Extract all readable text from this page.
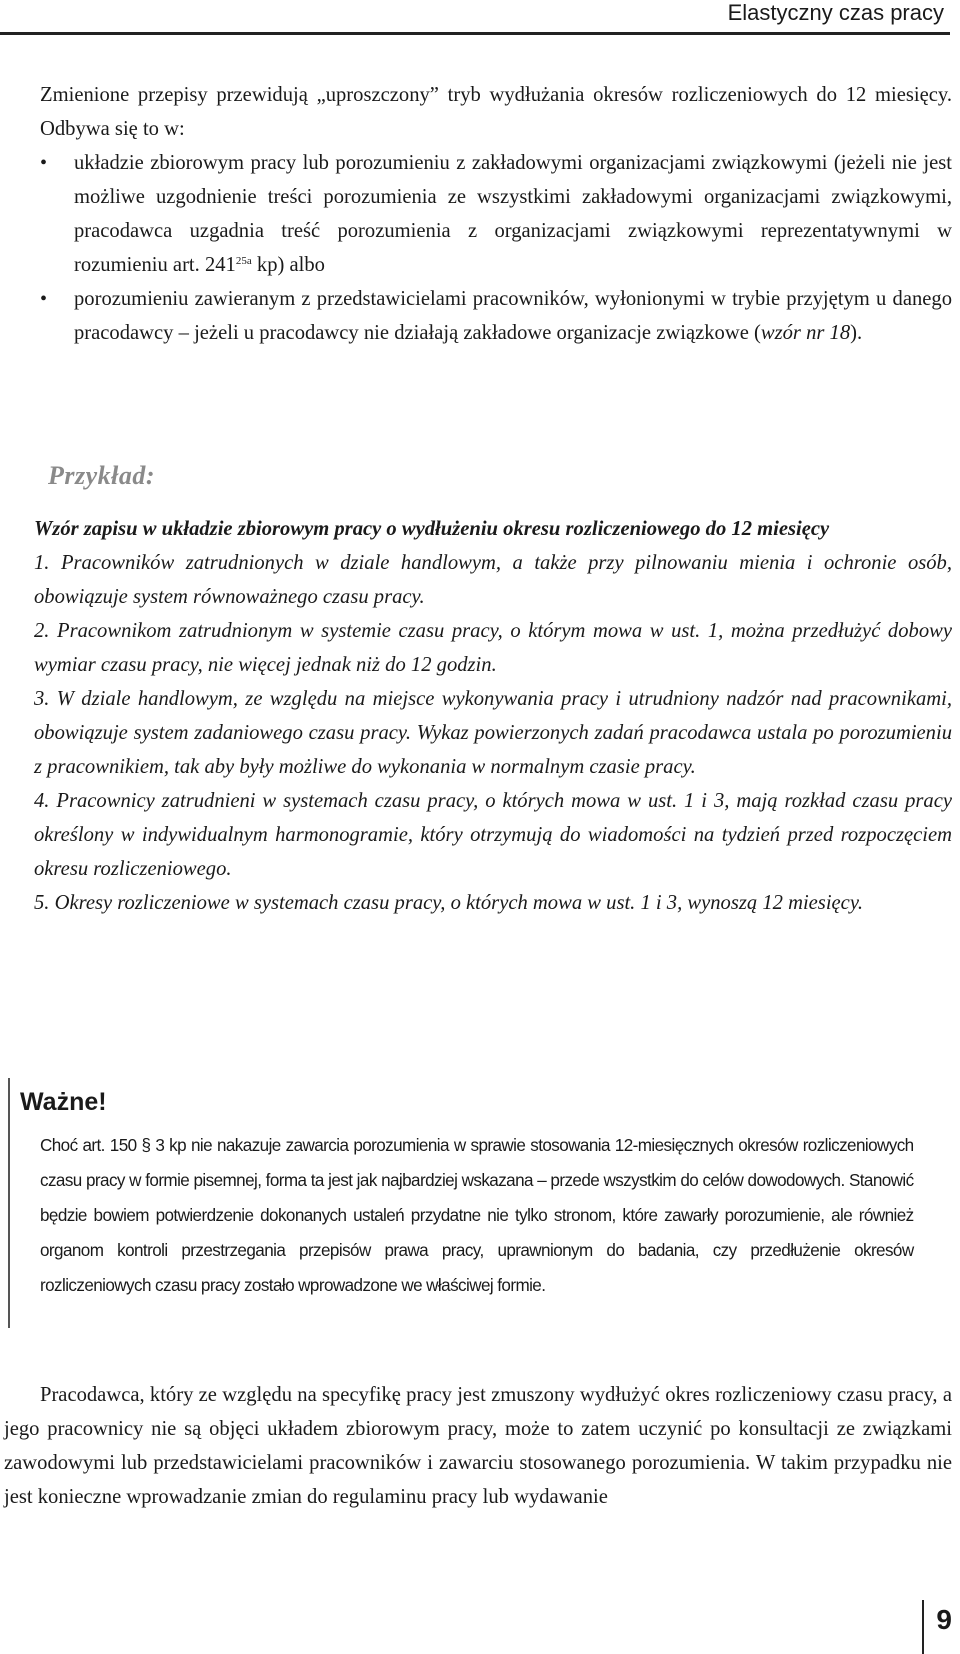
Elastyczny czas pracy
Zmienione przepisy przewidują „uproszczony” tryb wydłużania okresów rozliczeniowych do 12 miesięcy. Odbywa się to w:
• układzie zbiorowym pracy lub porozumieniu z zakładowymi organizacjami związkowymi (jeżeli nie jest możliwe uzgodnienie treści porozumienia ze wszystkimi zakładowymi organizacjami związkowymi, pracodawca uzgadnia treść porozumienia z organizacjami związkowymi reprezentatywnymi w rozumieniu art. $241^{25a}$ kp) albo
• porozumieniu zawieranym z przedstawicielami pracowników, wyłonionymi w trybie przyjętym u danego pracodawcy – jeżeli u pracodawcy nie działają zakładowe organizacje związkowe (wzór nr 18).
Przykład:

Wzór zapisu w układzie zbiorowym pracy o wydłużeniu okresu rozliczeniowego do 12 miesięcy

1. Pracowników zatrudnionych w dziale handlowym, a także przy pilnowaniu mienia i ochronie osób, obowiązuje system równoważnego czasu pracy.

2. Pracownikom zatrudnionym w systemie czasu pracy, o którym mowa w ust. 1, można przedłużyć dobowy wymiar czasu pracy, nie więcej jednak niż do 12 godzin.

3. W dziale handlowym, ze względu na miejsce wykonywania pracy i utrudniony nadzór nad pracownikami, obowiązuje system zadaniowego czasu pracy. Wykaz powierzonych zadań pracodawca ustala po porozumieniu z pracownikiem, tak aby były możliwe do wykonania w normalnym czasie pracy.

4. Pracownicy zatrudnieni w systemach czasu pracy, o których mowa w ust. 1 i 3, mają rozkład czasu pracy określony w indywidualnym harmonogramie, który otrzymują do wiadomości na tydzień przed rozpoczęciem okresu rozliczeniowego.

5. Okresy rozliczeniowe w systemach czasu pracy, o których mowa w ust. 1 i 3, wynoszą 12 miesięcy.

Ważne!
Choć art. 150 § 3 kp nie nakazuje zawarcia porozumienia w sprawie stosowania 12-miesięcznych okresów rozliczeniowych czasu pracy w formie pisemnej, forma ta jest jak najbardziej wskazana – przede wszystkim do celów dowodowych. Stanowić będzie bowiem potwierdzenie dokonanych ustaleń przydatne nie tylko stronom, które zawarły porozumienie, ale również organom kontroli przestrzegania przepisów prawa pracy, uprawnionym do badania, czy przedłużenie okresów rozliczeniowych czasu pracy zostało wprowadzone we właściwej formie.
Pracodawca, który ze względu na specyfikę pracy jest zmuszony wydłużyć okres rozliczeniowy czasu pracy, a jego pracownicy nie są objęci układem zbiorowym pracy, może to zatem uczynić po konsultacji ze związkami zawodowymi lub przedstawicielami pracowników i zawarciu stosowanego porozumienia. W takim przypadku nie jest konieczne wprowadzanie zmian do regulaminu pracy lub wydawanie
9
